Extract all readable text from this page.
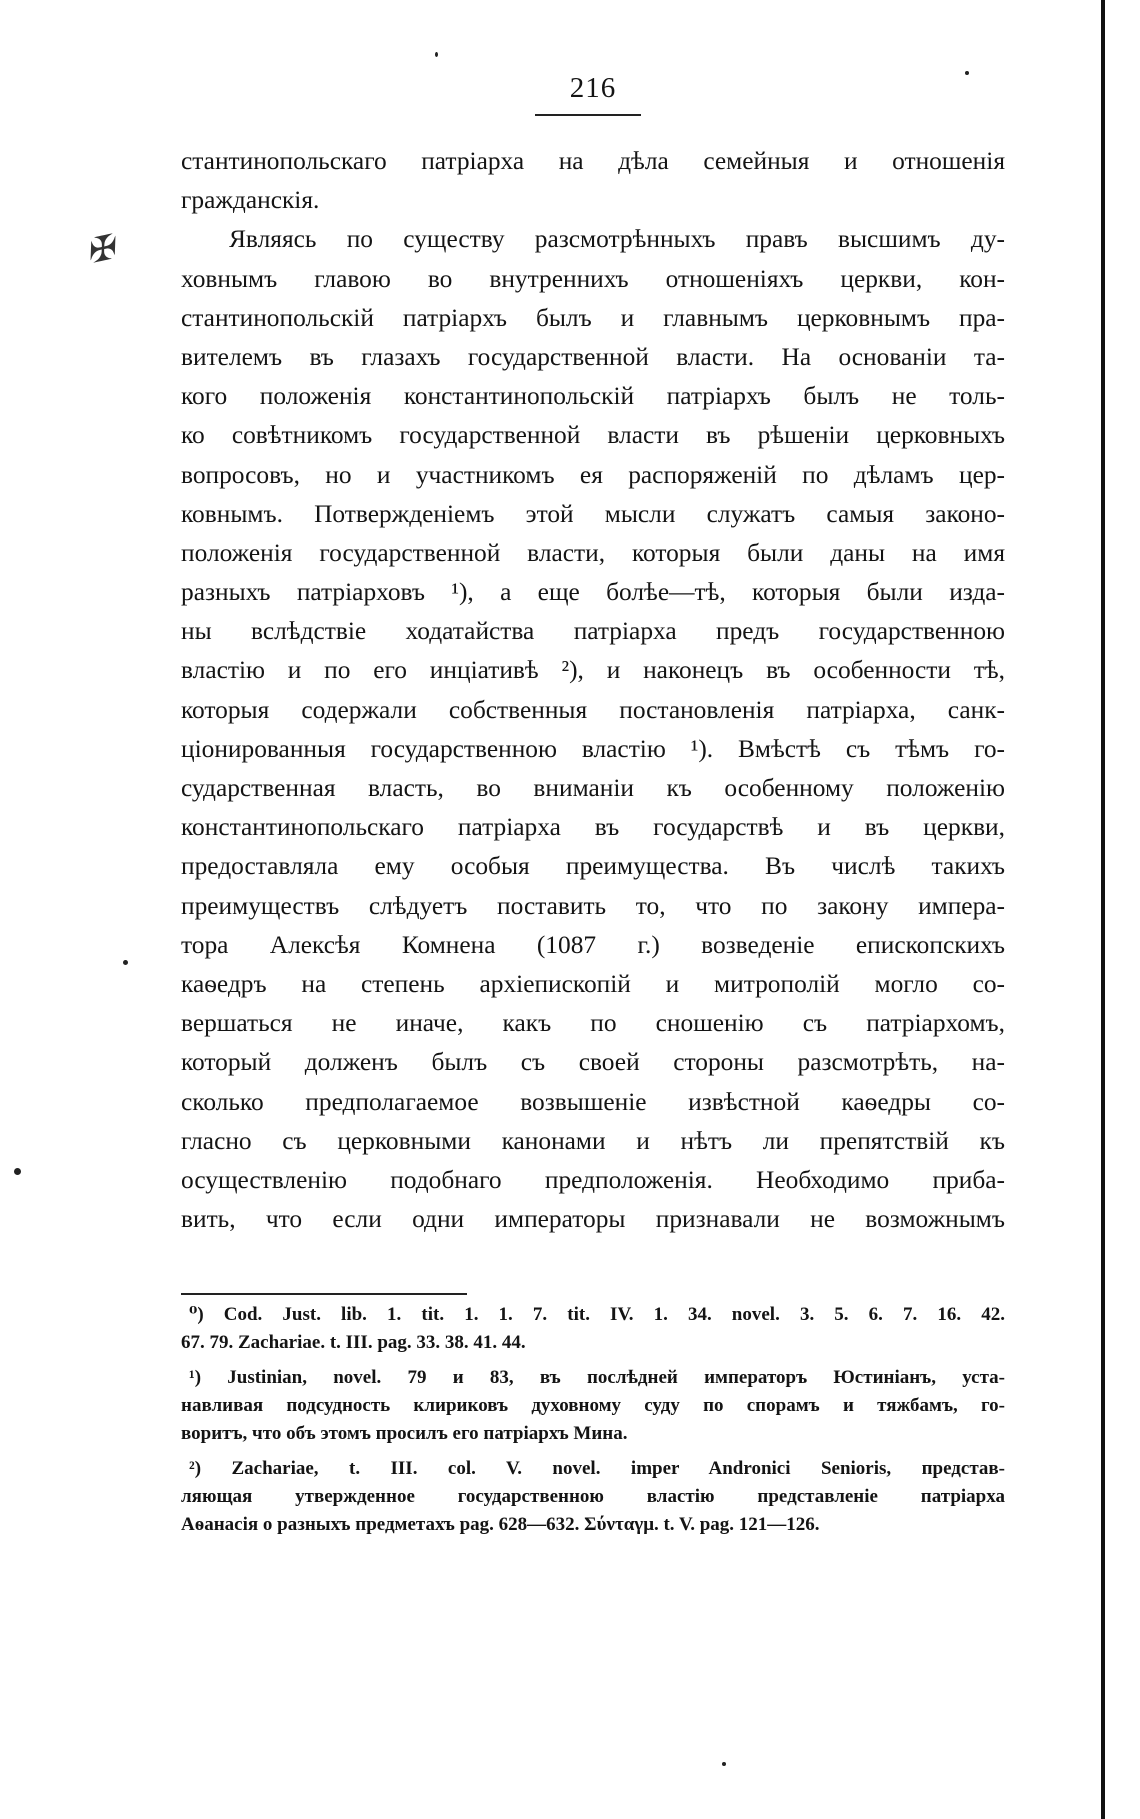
216
✠
стантинопольскаго патріарха на дѣла семейныя и отношенія
гражданскія.
Являясь по существу разсмотрѣнныхъ правъ высшимъ ду-
ховнымъ главою во внутреннихъ отношеніяхъ церкви, кон-
стантинопольскій патріархъ былъ и главнымъ церковнымъ пра-
вителемъ въ глазахъ государственной власти. На основаніи та-
кого положенія константинопольскій патріархъ былъ не толь-
ко совѣтникомъ государственной власти въ рѣшеніи церковныхъ
вопросовъ, но и участникомъ ея распоряженій по дѣламъ цер-
ковнымъ. Потвержденіемъ этой мысли служатъ самыя законо-
положенія государственной власти, которыя были даны на имя
разныхъ патріарховъ ¹), а еще болѣе—тѣ, которыя были изда-
ны вслѣдствіе ходатайства патріарха предъ государственною
властію и по его инціативѣ ²), и наконецъ въ особенности тѣ,
которыя содержали собственныя постановленія патріарха, санк-
ціонированныя государственною властію ¹). Вмѣстѣ съ тѣмъ го-
сударственная власть, во вниманіи къ особенному положенію
константинопольскаго патріарха въ государствѣ и въ церкви,
предоставляла ему особыя преимущества. Въ числѣ такихъ
преимуществъ слѣдуетъ поставить то, что по закону импера-
тора Алексѣя Комнена (1087 г.) возведеніе епископскихъ
каѳедръ на степень архіепископій и митрополій могло со-
вершаться не иначе, какъ по сношенію съ патріархомъ,
который долженъ былъ съ своей стороны разсмотрѣть, на-
сколько предполагаемое возвышеніе извѣстной каѳедры со-
гласно съ церковными канонами и нѣтъ ли препятствій къ
осуществленію подобнаго предположенія. Необходимо приба-
вить, что если одни императоры признавали не возможнымъ
⁰) Cod. Just. lib. 1. tit. 1. 1. 7. tit. IV. 1. 34. novel. 3. 5. 6. 7. 16. 42.
67. 79. Zachariae. t. III. pag. 33. 38. 41. 44.
¹) Justinian, novel. 79 и 83, въ послѣдней императоръ Юстиніанъ, уста-
навливая подсудность клириковъ духовному суду по спорамъ и тяжбамъ, го-
воритъ, что объ этомъ просилъ его патріархъ Мина.
²) Zachariae, t. III. col. V. novel. imper Andronici Senioris, представ-
ляющая утвержденное государственною властію представленіе патріарха
Аѳанасія о разныхъ предметахъ pag. 628—632. Σύνταγμ. t. V. pag. 121—126.
